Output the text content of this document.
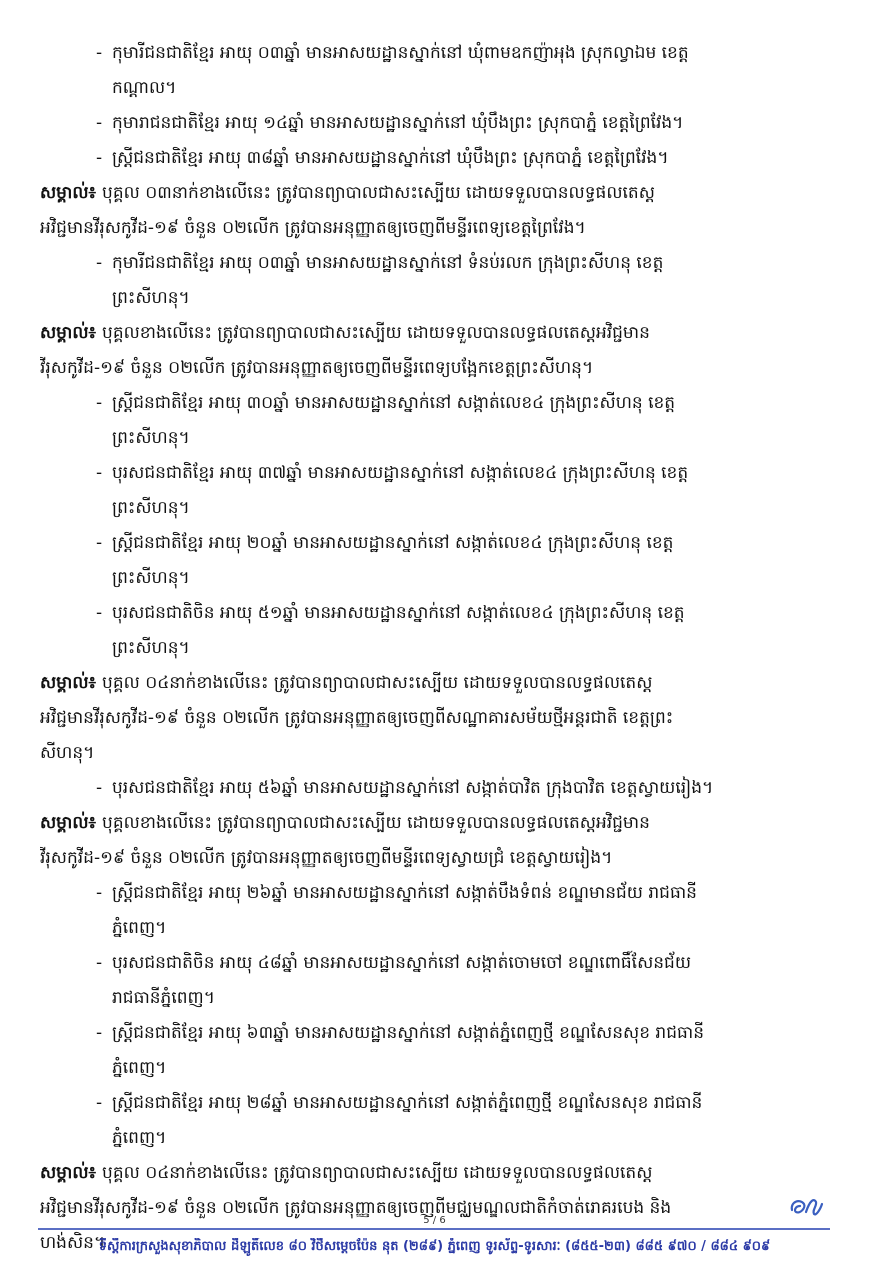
- កុមារីជនជាតិខ្មែរ អាយុ ០៣ឆ្នាំ មានអាសយដ្ឋានស្នាក់នៅ ឃុំពាមឧកញ៉ាអុង ស្រុកល្វាឯម ខេត្ត
កណ្តាល។
- កុមារាជនជាតិខ្មែរ អាយុ ១៤ឆ្នាំ មានអាសយដ្ឋានស្នាក់នៅ ឃុំបឹងព្រះ ស្រុកបាភ្នំ ខេត្តព្រៃវែង។
- ស្រ្តីជនជាតិខ្មែរ អាយុ ៣៨ឆ្នាំ មានអាសយដ្ឋានស្នាក់នៅ ឃុំបឹងព្រះ ស្រុកបាភ្នំ ខេត្តព្រៃវែង។
សម្គាល់៖ បុគ្គល ០៣នាក់ខាងលើនេះ ត្រូវបានព្យាបាលជាសះស្បើយ ដោយទទួលបានលទ្ធផលតេស្ត
អវិជ្ជមានវីរុសកូវីដ-១៩ ចំនួន ០២លើក ត្រូវបានអនុញ្ញាតឲ្យចេញពីមន្ទីរពេទ្យខេត្តព្រៃវែង។
- កុមារីជនជាតិខ្មែរ អាយុ ០៣ឆ្នាំ មានអាសយដ្ឋានស្នាក់នៅ ទំនប់រលក ក្រុងព្រះសីហនុ ខេត្ត
ព្រះសីហនុ។
សម្គាល់៖ បុគ្គលខាងលើនេះ ត្រូវបានព្យាបាលជាសះស្បើយ ដោយទទួលបានលទ្ធផលតេស្តអវិជ្ជមាន
វីរុសកូវីដ-១៩ ចំនួន ០២លើក ត្រូវបានអនុញ្ញាតឲ្យចេញពីមន្ទីរពេទ្យបង្អែកខេត្តព្រះសីហនុ។
- ស្ត្រីជនជាតិខ្មែរ អាយុ ៣០ឆ្នាំ មានអាសយដ្ឋានស្នាក់នៅ សង្កាត់លេខ៤ ក្រុងព្រះសីហនុ ខេត្ត
ព្រះសីហនុ។
- បុរសជនជាតិខ្មែរ អាយុ ៣៧ឆ្នាំ មានអាសយដ្ឋានស្នាក់នៅ សង្កាត់លេខ៤ ក្រុងព្រះសីហនុ ខេត្ត
ព្រះសីហនុ។
- ស្ត្រីជនជាតិខ្មែរ អាយុ ២០ឆ្នាំ មានអាសយដ្ឋានស្នាក់នៅ សង្កាត់លេខ៤ ក្រុងព្រះសីហនុ ខេត្ត
ព្រះសីហនុ។
- បុរសជនជាតិចិន អាយុ ៥១ឆ្នាំ មានអាសយដ្ឋានស្នាក់នៅ សង្កាត់លេខ៤ ក្រុងព្រះសីហនុ ខេត្ត
ព្រះសីហនុ។
សម្គាល់៖ បុគ្គល ០៤នាក់ខាងលើនេះ ត្រូវបានព្យាបាលជាសះស្បើយ ដោយទទួលបានលទ្ធផលតេស្ត
អវិជ្ជមានវីរុសកូវីដ-១៩ ចំនួន ០២លើក ត្រូវបានអនុញ្ញាតឲ្យចេញពីសណ្ឋាគារសម័យថ្មីអន្តរជាតិ ខេត្តព្រះ
សីហនុ។
- បុរសជនជាតិខ្មែរ អាយុ ៥៦ឆ្នាំ មានអាសយដ្ឋានស្នាក់នៅ សង្កាត់បាវិត ក្រុងបាវិត ខេត្តស្វាយរៀង។
សម្គាល់៖ បុគ្គលខាងលើនេះ ត្រូវបានព្យាបាលជាសះស្បើយ ដោយទទួលបានលទ្ធផលតេស្តអវិជ្ជមាន
វីរុសកូវីដ-១៩ ចំនួន ០២លើក ត្រូវបានអនុញ្ញាតឲ្យចេញពីមន្ទីរពេទ្យស្វាយជ្រំ ខេត្តស្វាយរៀង។
- ស្ត្រីជនជាតិខ្មែរ អាយុ ២៦ឆ្នាំ មានអាសយដ្ឋានស្នាក់នៅ សង្កាត់បឹងទំពន់ ខណ្ឌមានជ័យ រាជធានី
ភ្នំពេញ។
- បុរសជនជាតិចិន អាយុ ៤៨ឆ្នាំ មានអាសយដ្ឋានស្នាក់នៅ សង្កាត់ចោមចៅ ខណ្ឌពោធិ៍សែនជ័យ
រាជធានីភ្នំពេញ។
- ស្ត្រីជនជាតិខ្មែរ អាយុ ៦៣ឆ្នាំ មានអាសយដ្ឋានស្នាក់នៅ សង្កាត់ភ្នំពេញថ្មី ខណ្ឌសែនសុខ រាជធានី
ភ្នំពេញ។
- ស្ត្រីជនជាតិខ្មែរ អាយុ ២៨ឆ្នាំ មានអាសយដ្ឋានស្នាក់នៅ សង្កាត់ភ្នំពេញថ្មី ខណ្ឌសែនសុខ រាជធានី
ភ្នំពេញ។
សម្គាល់៖ បុគ្គល ០៤នាក់ខាងលើនេះ ត្រូវបានព្យាបាលជាសះស្បើយ ដោយទទួលបានលទ្ធផលតេស្ត
អវិជ្ជមានវីរុសកូវីដ-១៩ ចំនួន ០២លើក ត្រូវបានអនុញ្ញាតឲ្យចេញពីមជ្ឈមណ្ឌលជាតិកំចាត់រោគរបេង និង
ហង់សិន។
5 / 6
ទីស្តីការក្រសួងសុខាភិបាល ដីឡូតិ៍លេខ ៨០ វិថីសម្តេចប៉ែន នុត (២៨៩) ភ្នំពេញ ទូរស័ព្ទ-ទូរសារៈ (៨៥៥-២៣) ៨៨៥ ៩៧០ / ៨៨៤ ៩០៩
